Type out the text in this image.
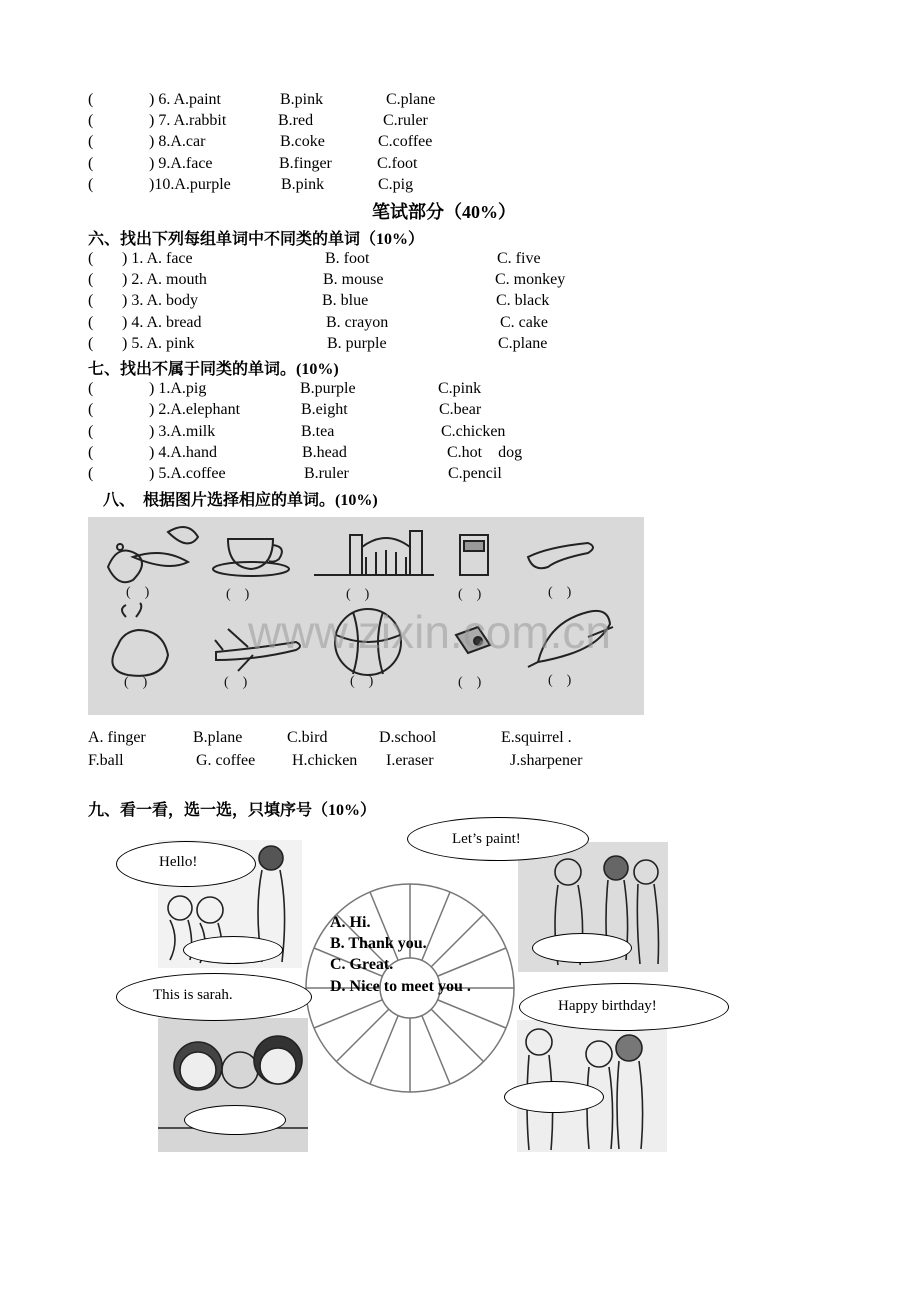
(	) 6. A.paint	B.pink	C.plane
(	) 7. A.rabbit	B.red	C.ruler
(	) 8.A.car	B.coke	C.coffee
(	) 9.A.face	B.finger	C.foot
(	)10.A.purple	B.pink	C.pig
笔试部分（40%）
六、找出下列每组单词中不同类的单词（10%）
( ) 1. A. face	B. foot	C. five
( ) 2. A. mouth	B. mouse	C. monkey
( ) 3. A. body	B. blue	C. black
( ) 4. A. bread	B. crayon	C. cake
( ) 5. A. pink	B. purple	C.plane
七、找出不属于同类的单词。(10%)
(	) 1.A.pig	B.purple	C.pink
(	) 2.A.elephant	B.eight	C.bear
(	) 3.A.milk	B.tea	C.chicken
(	) 4.A.hand	B.head	C.hot    dog
(	) 5.A.coffee	B.ruler	C.pencil
八、  根据图片选择相应的单词。(10%)
(    )	(    )	(    )	(    )	(    )
(    )	(    )	(    )	(    )	(    )
www.zixin.com.cn
A. finger	B.plane	C.bird	D.school	E.squirrel .
F.ball	G. coffee H.chicken I.eraser	J.sharpener
九、看一看，选一选，只填序号（10%）
A. Hi.
B. Thank you.
C. Great.
D. Nice to meet you .
Hello!
Let’s paint!
This is sarah.
Happy birthday!
